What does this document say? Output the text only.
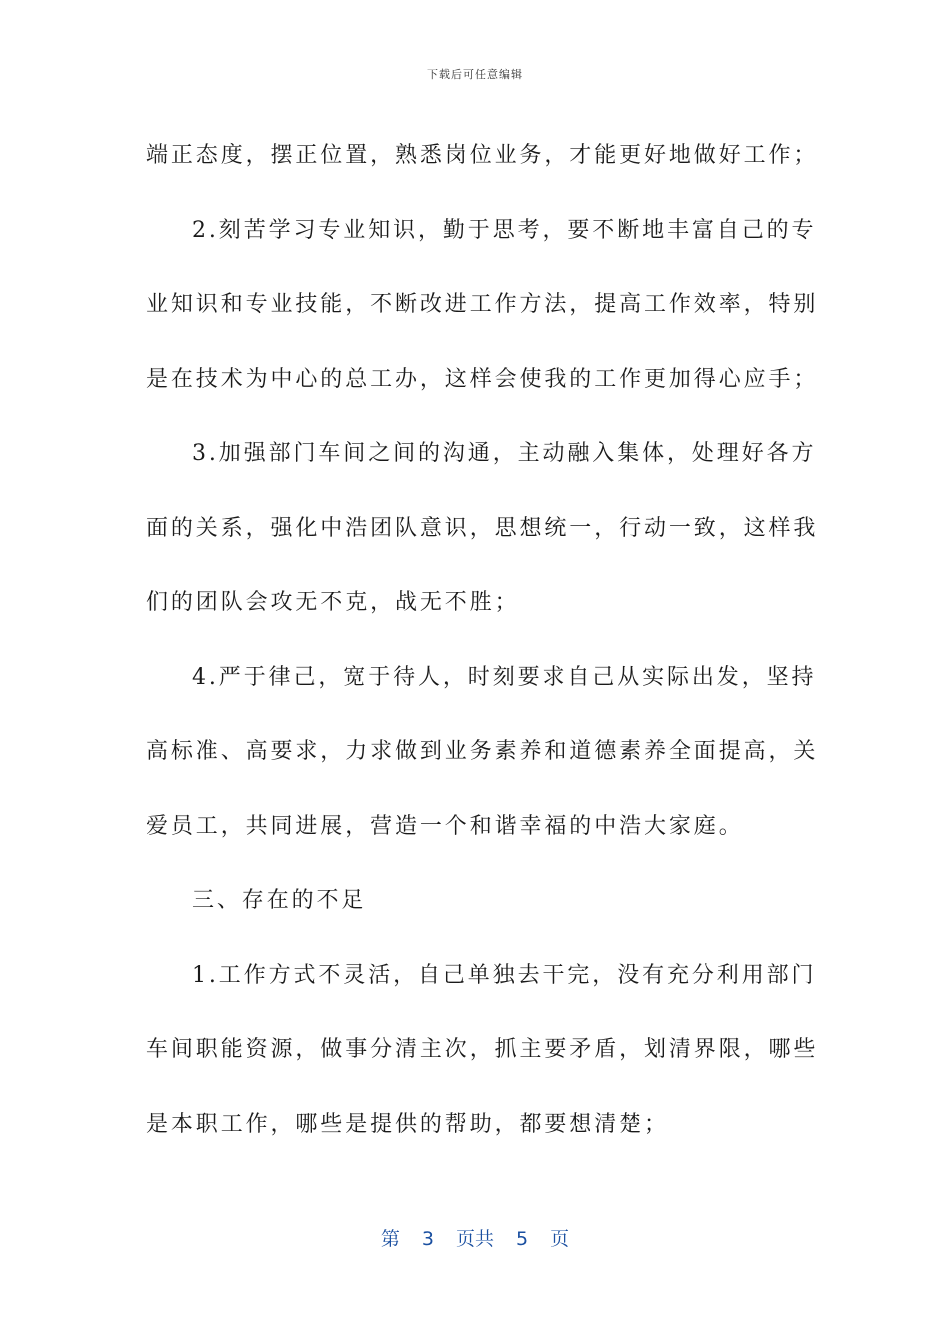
下载后可任意编辑
端正态度，摆正位置，熟悉岗位业务，才能更好地做好工作；
2.刻苦学习专业知识，勤于思考，要不断地丰富自己的专
业知识和专业技能，不断改进工作方法，提高工作效率，特别
是在技术为中心的总工办，这样会使我的工作更加得心应手；
3.加强部门车间之间的沟通，主动融入集体，处理好各方
面的关系，强化中浩团队意识，思想统一，行动一致，这样我
们的团队会攻无不克，战无不胜；
4.严于律己，宽于待人，时刻要求自己从实际出发，坚持
高标准、高要求，力求做到业务素养和道德素养全面提高，关
爱员工，共同进展，营造一个和谐幸福的中浩大家庭。
三、存在的不足
1.工作方式不灵活，自己单独去干完，没有充分利用部门
车间职能资源，做事分清主次，抓主要矛盾，划清界限，哪些
是本职工作，哪些是提供的帮助，都要想清楚；
第 3 页共 5 页
